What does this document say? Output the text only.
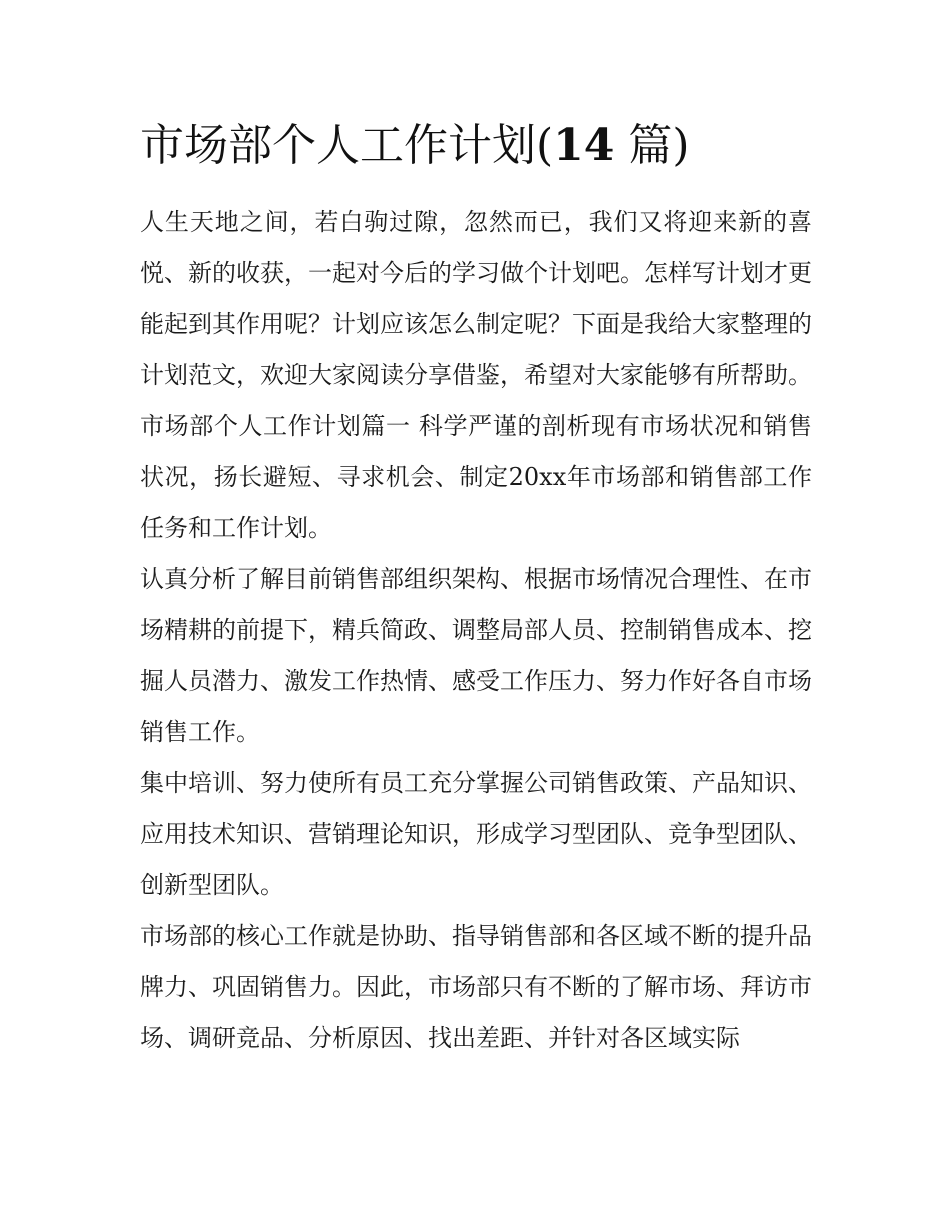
市场部个人工作计划(14 篇)

人生天地之间，若白驹过隙，忽然而已，我们又将迎来新的喜悦、新的收获，一起对今后的学习做个计划吧。怎样写计划才更能起到其作用呢？计划应该怎么制定呢？下面是我给大家整理的计划范文，欢迎大家阅读分享借鉴，希望对大家能够有所帮助。

市场部个人工作计划篇一 科学严谨的剖析现有市场状况和销售状况，扬长避短、寻求机会、制定20xx年市场部和销售部工作任务和工作计划。

认真分析了解目前销售部组织架构、根据市场情况合理性、在市场精耕的前提下，精兵简政、调整局部人员、控制销售成本、挖掘人员潜力、激发工作热情、感受工作压力、努力作好各自市场销售工作。

集中培训、努力使所有员工充分掌握公司销售政策、产品知识、应用技术知识、营销理论知识，形成学习型团队、竞争型团队、创新型团队。

市场部的核心工作就是协助、指导销售部和各区域不断的提升品牌力、巩固销售力。因此，市场部只有不断的了解市场、拜访市场、调研竞品、分析原因、找出差距、并针对各区域实际
